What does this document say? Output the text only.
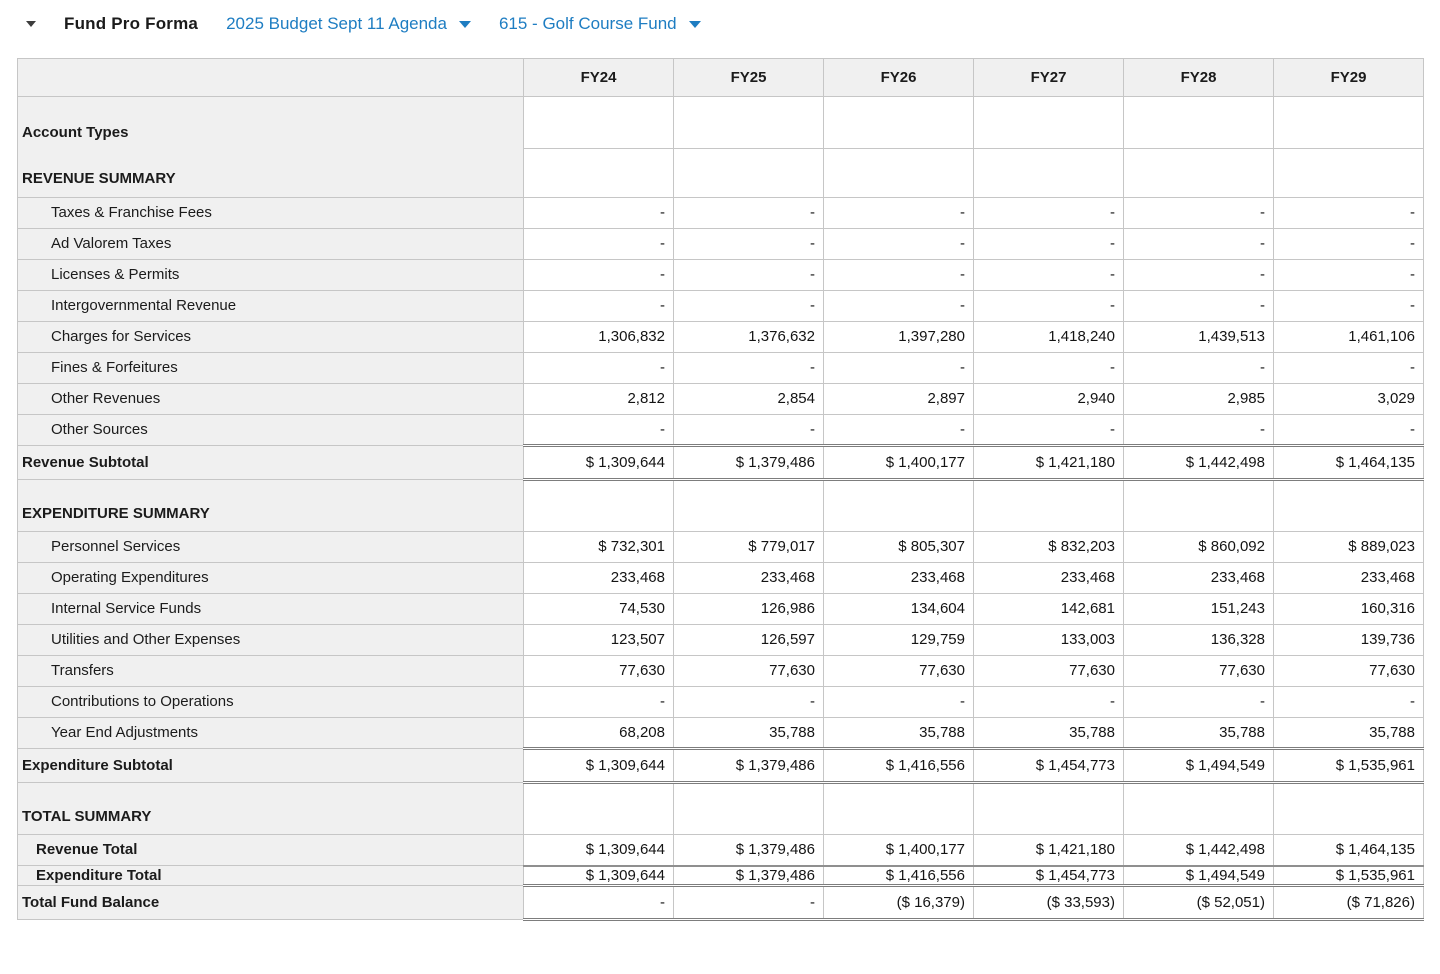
Fund Pro Forma 2025 Budget Sept 11 Agenda	615 - Golf Course Fund
	FY24	FY25	FY26	FY27	FY28	FY29

Account Types
REVENUE SUMMARY						

Taxes & Franchise Fees	-	-	-	-	-	-
Ad Valorem Taxes	-	-	-	-	-	-
Licenses & Permits	-	-	-	-	-	-
Intergovernmental Revenue	-	-	-	-	-	-
Charges for Services	1,306,832	1,376,632	1,397,280	1,418,240	1,439,513	1,461,106
Fines & Forfeitures	-	-	-	-	-	-
Other Revenues	2,812	2,854	2,897	2,940	2,985	3,029
Other Sources	-	-	-	-	-	-
Revenue Subtotal	$ 1,309,644	$ 1,379,486	$ 1,400,177	$ 1,421,180	$ 1,442,498	$ 1,464,135
EXPENDITURE SUMMARY						
Personnel Services	$ 732,301	$ 779,017	$ 805,307	$ 832,203	$ 860,092	$ 889,023
Operating Expenditures	233,468	233,468	233,468	233,468	233,468	233,468
Internal Service Funds	74,530	126,986	134,604	142,681	151,243	160,316
Utilities and Other Expenses	123,507	126,597	129,759	133,003	136,328	139,736
Transfers	77,630	77,630	77,630	77,630	77,630	77,630
Contributions to Operations	-	-	-	-	-	-
Year End Adjustments	68,208	35,788	35,788	35,788	35,788	35,788
Expenditure Subtotal	$ 1,309,644	$ 1,379,486	$ 1,416,556	$ 1,454,773	$ 1,494,549	$ 1,535,961
TOTAL SUMMARY						
Revenue Total	$ 1,309,644	$ 1,379,486	$ 1,400,177	$ 1,421,180	$ 1,442,498	$ 1,464,135
Expenditure Total	$ 1,309,644	$ 1,379,486	$ 1,416,556	$ 1,454,773	$ 1,494,549	$ 1,535,961
Total Fund Balance	-	-	($ 16,379)	($ 33,593)	($ 52,051)	($ 71,826)
